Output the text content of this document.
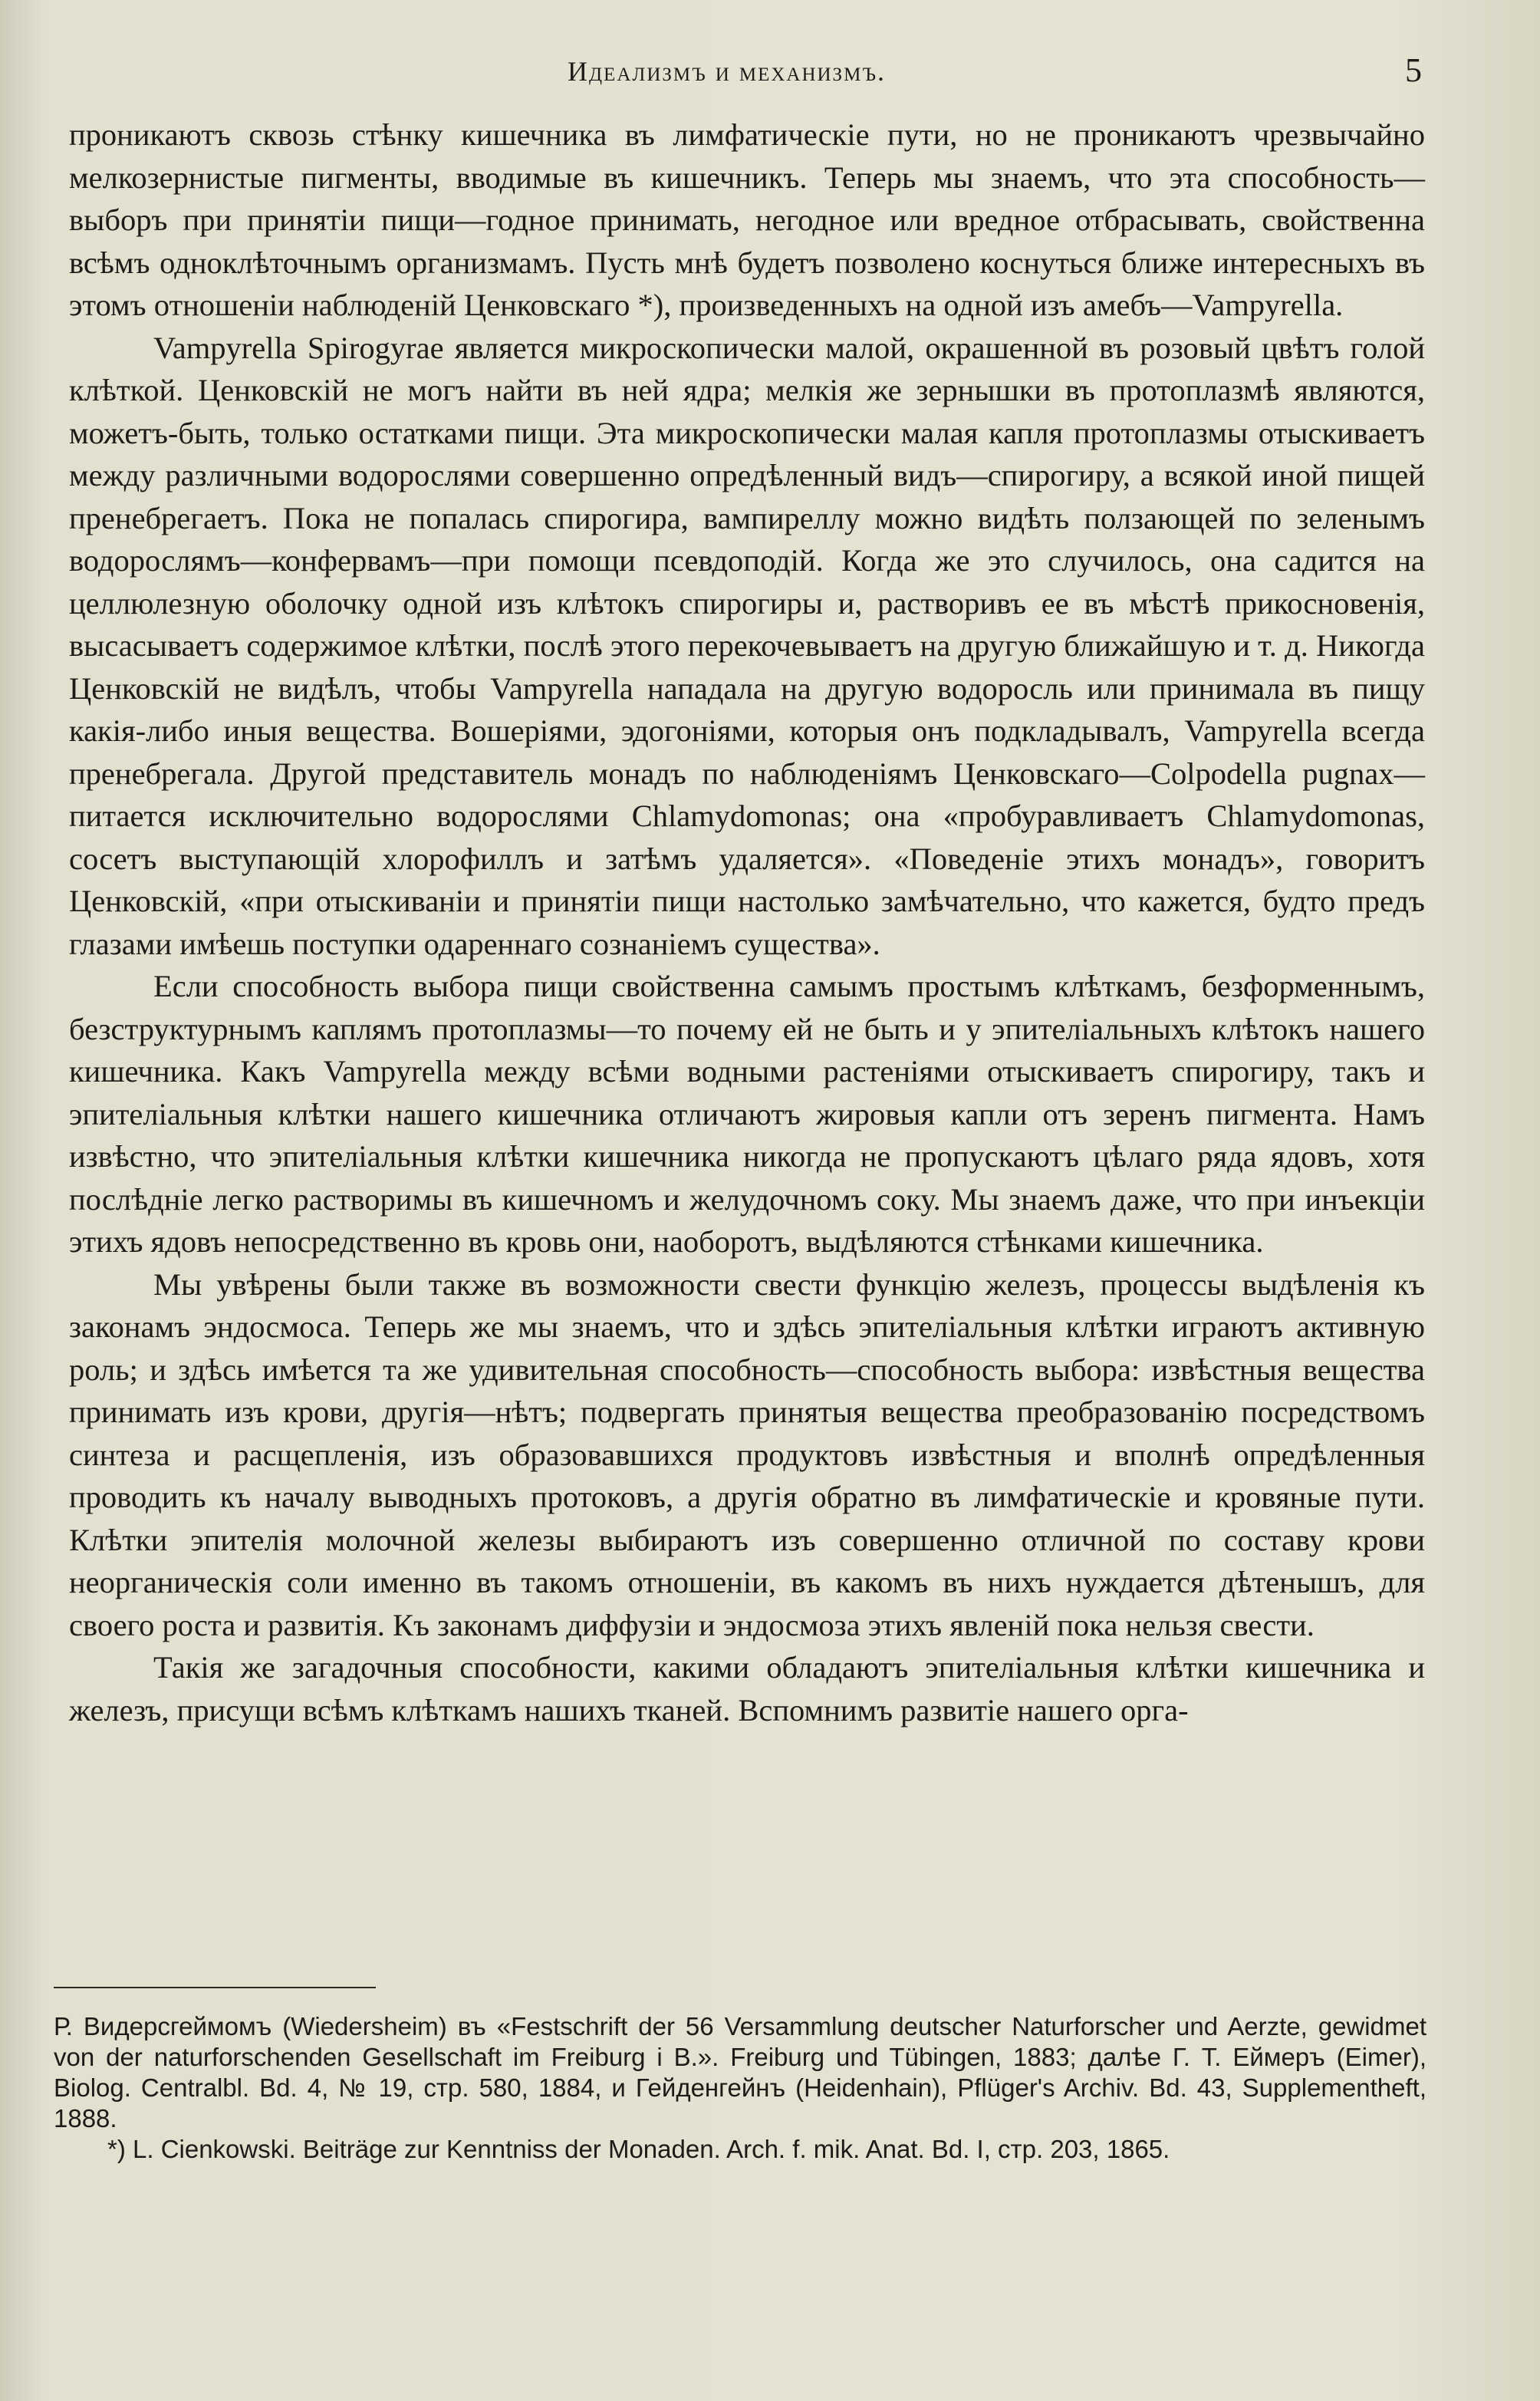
Идеализмъ и механизмъ.	5

проникаютъ сквозь стѣнку кишечника въ лимфатическіе пути, но не проникаютъ чрезвычайно мелкозернистые пигменты, вводимые въ кишечникъ. Теперь мы знаемъ, что эта способность—выборъ при принятіи пищи—годное принимать, негодное или вредное отбрасывать, свойственна всѣмъ одноклѣточнымъ организмамъ. Пусть мнѣ будетъ позволено коснуться ближе интересныхъ въ этомъ отношеніи наблюденій Ценковскаго *), произведенныхъ на одной изъ амебъ—Vampyrella.

Vampyrella Spirogyrae является микроскопически малой, окрашенной въ розовый цвѣтъ голой клѣткой. Ценковскій не могъ найти въ ней ядра; мелкія же зернышки въ протоплазмѣ являются, можетъ-быть, только остатками пищи. Эта микроскопически малая капля протоплазмы отыскиваетъ между различными водорослями совершенно опредѣленный видъ—спирогиру, а всякой иной пищей пренебрегаетъ. Пока не попалась спирогира, вампиреллу можно видѣть ползающей по зеленымъ водорослямъ—конфервамъ—при помощи псевдоподій. Когда же это случилось, она садится на целлюлезную оболочку одной изъ клѣтокъ спирогиры и, растворивъ ее въ мѣстѣ прикосновенія, высасываетъ содержимое клѣтки, послѣ этого перекочевываетъ на другую ближайшую и т. д. Никогда Ценковскій не видѣлъ, чтобы Vampyrella нападала на другую водоросль или принимала въ пищу какія-либо иныя вещества. Вошеріями, эдогоніями, которыя онъ подкладывалъ, Vampyrella всегда пренебрегала. Другой представитель монадъ по наблюденіямъ Ценковскаго—Colpodella pugnax—питается исключительно водорослями Chlamydomonas; она «пробуравливаетъ Chlamydomonas, сосетъ выступающій хлорофиллъ и затѣмъ удаляется». «Поведеніе этихъ монадъ», говоритъ Ценковскій, «при отыскиваніи и принятіи пищи настолько замѣчательно, что кажется, будто предъ глазами имѣешь поступки одареннаго сознаніемъ существа».

Если способность выбора пищи свойственна самымъ простымъ клѣткамъ, безформеннымъ, безструктурнымъ каплямъ протоплазмы—то почему ей не быть и у эпителіальныхъ клѣтокъ нашего кишечника. Какъ Vampyrella между всѣми водными растеніями отыскиваетъ спирогиру, такъ и эпителіальныя клѣтки нашего кишечника отличаютъ жировыя капли отъ зеренъ пигмента. Намъ извѣстно, что эпителіальныя клѣтки кишечника никогда не пропускаютъ цѣлаго ряда ядовъ, хотя послѣдніе легко растворимы въ кишечномъ и желудочномъ соку. Мы знаемъ даже, что при инъекціи этихъ ядовъ непосредственно въ кровь они, наоборотъ, выдѣляются стѣнками кишечника.

Мы увѣрены были также въ возможности свести функцію железъ, процессы выдѣленія къ законамъ эндосмоса. Теперь же мы знаемъ, что и здѣсь эпителіальныя клѣтки играютъ активную роль; и здѣсь имѣется та же удивительная способность—способность выбора: извѣстныя вещества принимать изъ крови, другія—нѣтъ; подвергать принятыя вещества преобразованію посредствомъ синтеза и расщепленія, изъ образовавшихся продуктовъ извѣстныя и вполнѣ опредѣленныя проводить къ началу выводныхъ протоковъ, а другія обратно въ лимфатическіе и кровяные пути. Клѣтки эпителія молочной железы выбираютъ изъ совершенно отличной по составу крови неорганическія соли именно въ такомъ отношеніи, въ какомъ въ нихъ нуждается дѣтенышъ, для своего роста и развитія. Къ законамъ диффузіи и эндосмоза этихъ явленій пока нельзя свести.

Такія же загадочныя способности, какими обладаютъ эпителіальныя клѣтки кишечника и железъ, присущи всѣмъ клѣткамъ нашихъ тканей. Вспомнимъ развитіе нашего орга-

Р. Видерсгеймомъ (Wiedersheim) въ «Festschrift der 56 Versammlung deutscher Naturforscher und Aerzte, gewidmet von der naturforschenden Gesellschaft im Freiburg i B.». Freiburg und Tübingen, 1883; далѣе Г. Т. Еймеръ (Eimer), Biolog. Centralbl. Bd. 4, № 19, стр. 580, 1884, и Гейденгейнъ (Heidenhain), Pflüger's Archiv. Bd. 43, Supplementheft, 1888.

*) L. Cienkowski. Beiträge zur Kenntniss der Monaden. Arch. f. mik. Anat. Bd. I, стр. 203, 1865.
